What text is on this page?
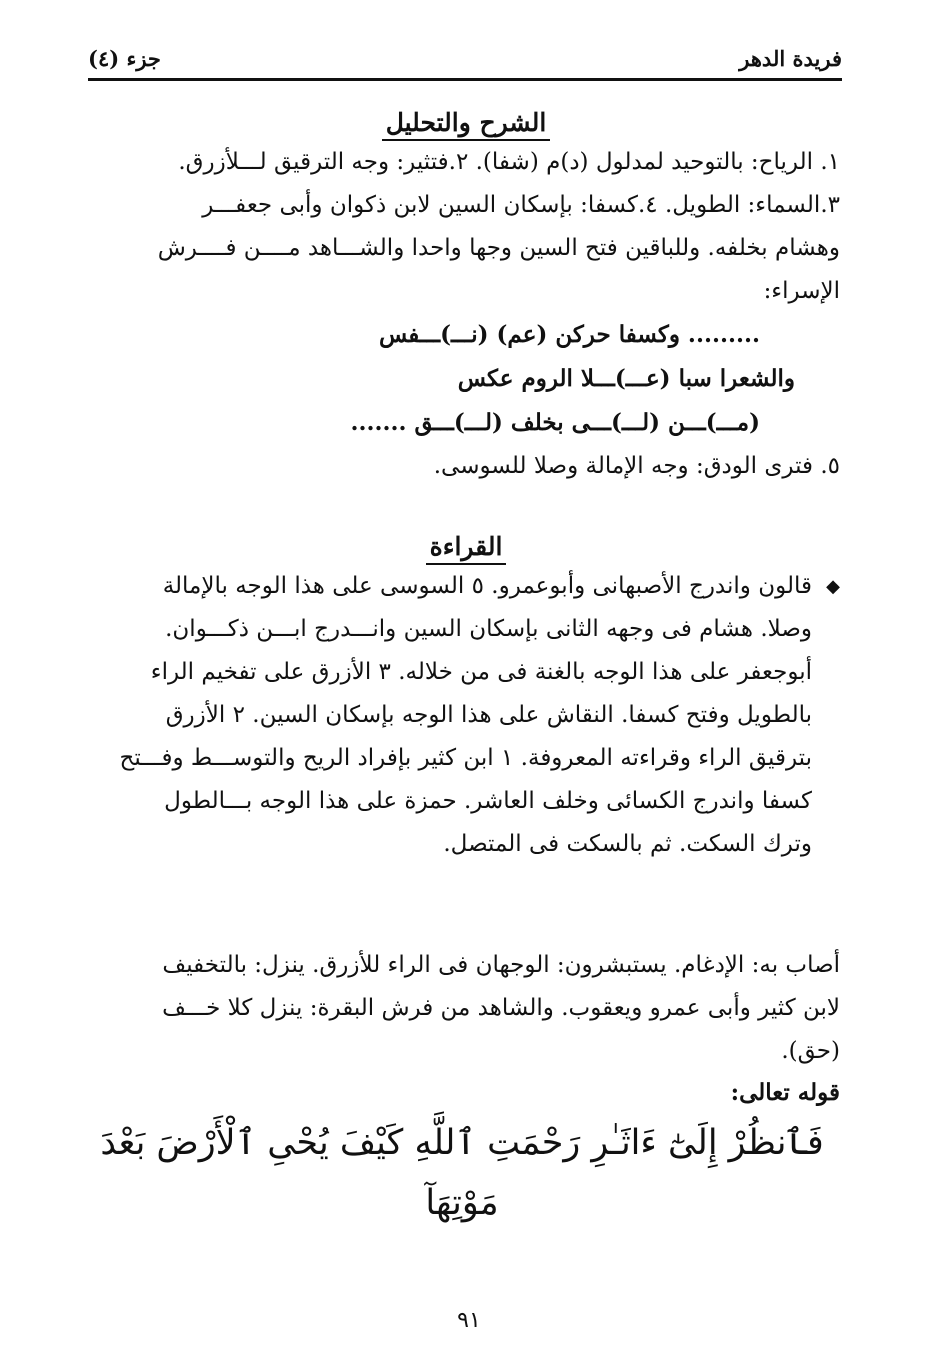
فريدة الدهر
جزء (٤)

الشرح والتحليل

١. الرياح: بالتوحيد لمدلول (د)م (شفا). ٢.فتثير: وجه الترقيق لـــلأزرق.

٣.السماء: الطويل. ٤.كسفا: بإسكان السين لابن ذكوان وأبى جعفـــر

وهشام بخلفه. وللباقين فتح السين وجها واحدا والشـــاهد مــــن فــــرش

الإسراء:

......... وكسفا حركن (عم) (نـــ)ـــفس

والشعرا سبا (عـــ)ـــلا الروم عكس

(مـــ)ـــن (لـــ)ـــى بخلف (لـــ)ـــق .......

٥. فترى الودق: وجه الإمالة وصلا للسوسى.

القراءة

◆

قالون واندرج الأصبهانى وأبوعمرو. ٥ السوسى على هذا الوجه بالإمالة

وصلا. هشام فى وجهه الثانى بإسكان السين وانـــدرج ابـــن ذكـــوان.

أبوجعفر على هذا الوجه بالغنة فى من خلاله. ٣ الأزرق على تفخيم الراء

بالطويل وفتح كسفا. النقاش على هذا الوجه بإسكان السين. ٢ الأزرق

بترقيق الراء وقراءته المعروفة. ١ ابن كثير بإفراد الريح والتوســـط وفـــتح

كسفا واندرج الكسائى وخلف العاشر. حمزة على هذا الوجه بـــالطول

وترك السكت. ثم بالسكت فى المتصل.

أصاب به: الإدغام. يستبشرون: الوجهان فى الراء للأزرق. ينزل: بالتخفيف

لابن كثير وأبى عمرو ويعقوب. والشاهد من فرش البقرة: ينزل كلا خـــف

(حق).

قوله تعالى:

فَٱنظُرْ إِلَىٰٓ ءَاثَـٰرِ رَحْمَتِ ٱللَّهِ كَيْفَ يُحْىِ ٱلْأَرْضَ بَعْدَ مَوْتِهَآ

٩١
